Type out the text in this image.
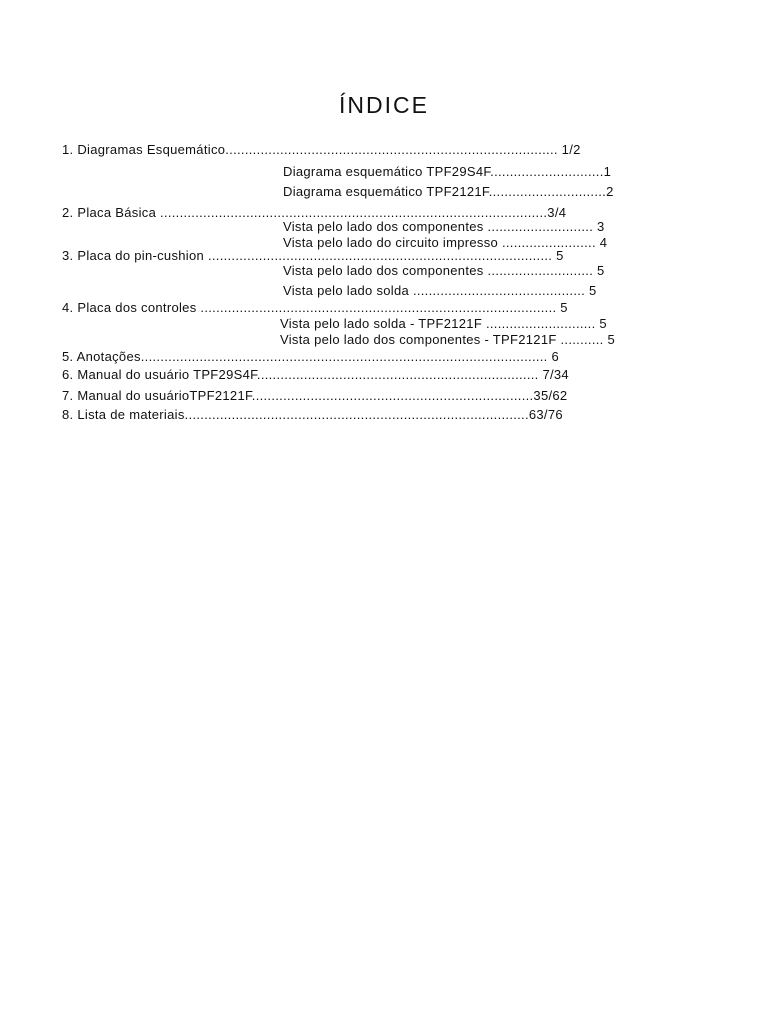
ÍNDICE
1. Diagramas Esquemático..................................................................................... 1/2
Diagrama esquemático TPF29S4F.............................1
Diagrama esquemático TPF2121F..............................2
2. Placa Básica ...................................................................................................3/4
Vista pelo lado dos componentes ........................... 3
Vista pelo lado do circuito impresso ........................ 4
3. Placa do pin-cushion ........................................................................................ 5
Vista pelo lado dos componentes ........................... 5
Vista pelo lado solda ............................................ 5
4. Placa dos controles ........................................................................................... 5
Vista pelo lado solda - TPF2121F ............................ 5
Vista pelo lado dos componentes - TPF2121F ........... 5
5. Anotações........................................................................................................ 6
6. Manual do usuário TPF29S4F........................................................................ 7/34
7. Manual do usuárioTPF2121F........................................................................35/62
8. Lista de materiais........................................................................................63/76
